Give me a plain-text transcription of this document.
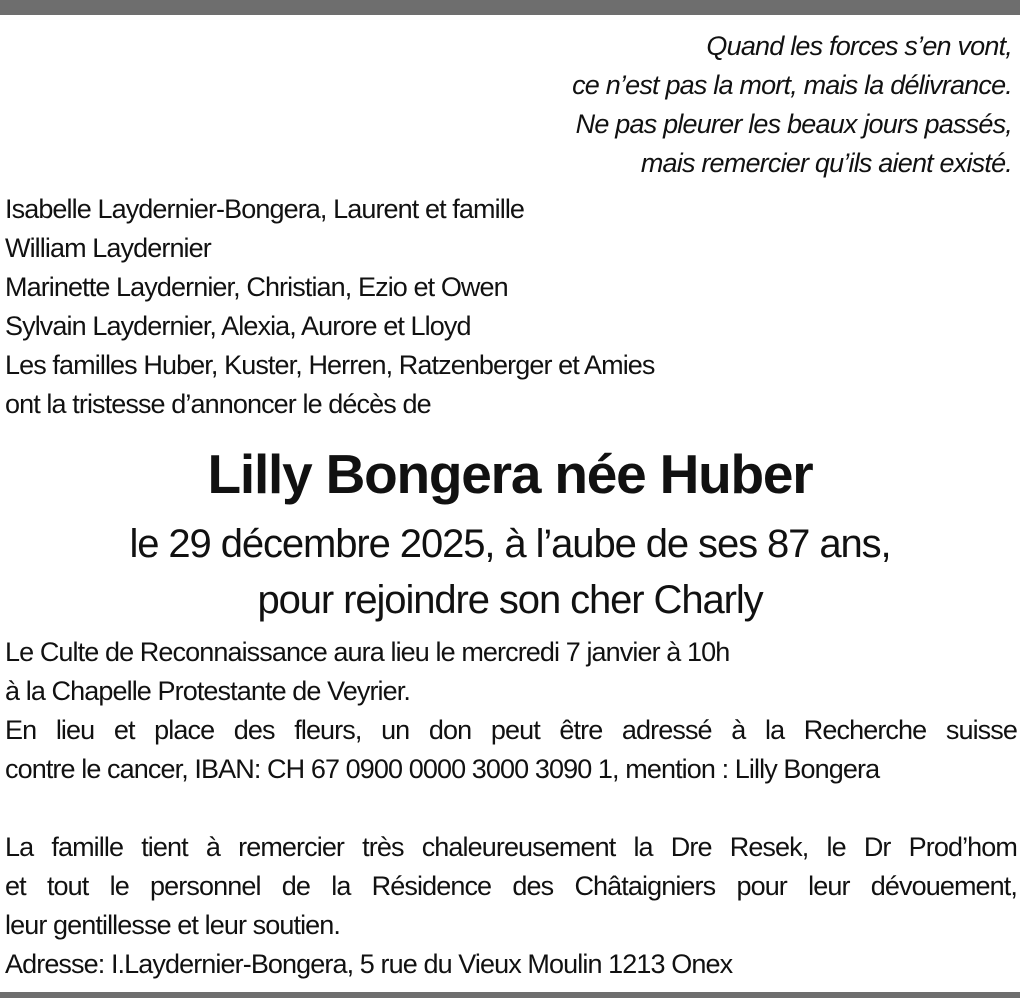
Quand les forces s’en vont,
ce n’est pas la mort, mais la délivrance.
Ne pas pleurer les beaux jours passés,
mais remercier qu’ils aient existé.
Isabelle Laydernier-Bongera, Laurent et famille
William Laydernier
Marinette Laydernier, Christian, Ezio et Owen
Sylvain Laydernier, Alexia, Aurore et Lloyd
Les familles Huber, Kuster, Herren, Ratzenberger et Amies
ont la tristesse d’annoncer le décès de
Lilly Bongera née Huber
le 29 décembre 2025, à l’aube de ses 87 ans,
pour rejoindre son cher Charly
Le Culte de Reconnaissance aura lieu le mercredi 7 janvier à 10h
à la Chapelle Protestante de Veyrier.
En lieu et place des fleurs, un don peut être adressé à la Recherche suisse
contre le cancer, IBAN: CH 67 0900 0000 3000 3090 1, mention : Lilly Bongera
La famille tient à remercier très chaleureusement la Dre Resek, le Dr Prod’hom
et tout le personnel de la Résidence des Châtaigniers pour leur dévouement,
leur gentillesse et leur soutien.
Adresse: I.Laydernier-Bongera, 5 rue du Vieux Moulin 1213 Onex
